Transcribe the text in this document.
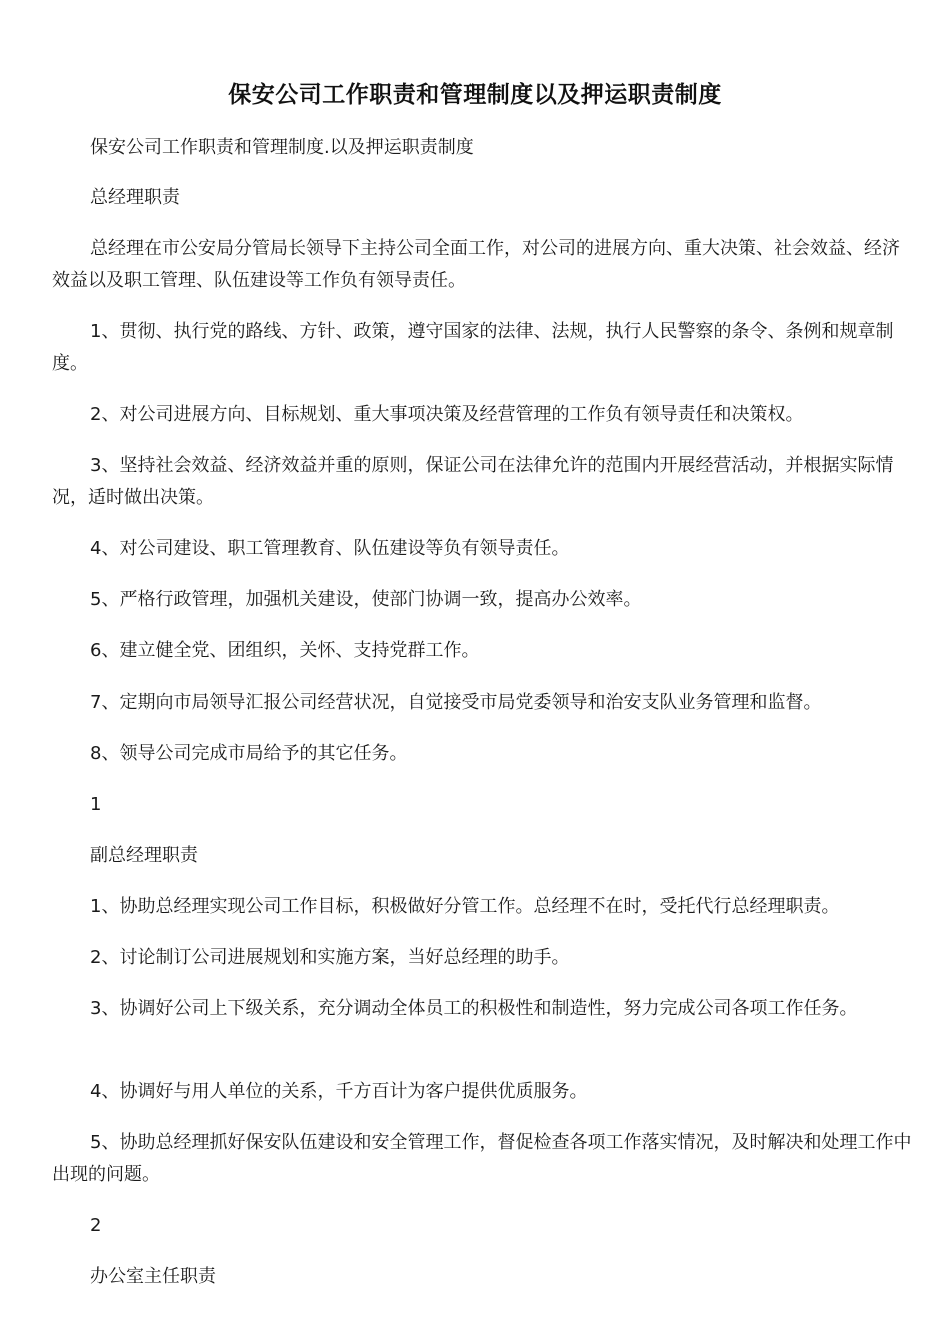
保安公司工作职责和管理制度以及押运职责制度

保安公司工作职责和管理制度.以及押运职责制度

总经理职责

总经理在市公安局分管局长领导下主持公司全面工作，对公司的进展方向、重大决策、社会效益、经济效益以及职工管理、队伍建设等工作负有领导责任。

1、贯彻、执行党的路线、方针、政策，遵守国家的法律、法规，执行人民警察的条令、条例和规章制度。

2、对公司进展方向、目标规划、重大事项决策及经营管理的工作负有领导责任和决策权。

3、坚持社会效益、经济效益并重的原则，保证公司在法律允许的范围内开展经营活动，并根据实际情况，适时做出决策。

4、对公司建设、职工管理教育、队伍建设等负有领导责任。

5、严格行政管理，加强机关建设，使部门协调一致，提高办公效率。

6、建立健全党、团组织，关怀、支持党群工作。

7、定期向市局领导汇报公司经营状况，自觉接受市局党委领导和治安支队业务管理和监督。

8、领导公司完成市局给予的其它任务。

1

副总经理职责

1、协助总经理实现公司工作目标，积极做好分管工作。总经理不在时，受托代行总经理职责。

2、讨论制订公司进展规划和实施方案，当好总经理的助手。

3、协调好公司上下级关系，充分调动全体员工的积极性和制造性，努力完成公司各项工作任务。

4、协调好与用人单位的关系，千方百计为客户提供优质服务。

5、协助总经理抓好保安队伍建设和安全管理工作，督促检查各项工作落实情况，及时解决和处理工作中出现的问题。

2

办公室主任职责
